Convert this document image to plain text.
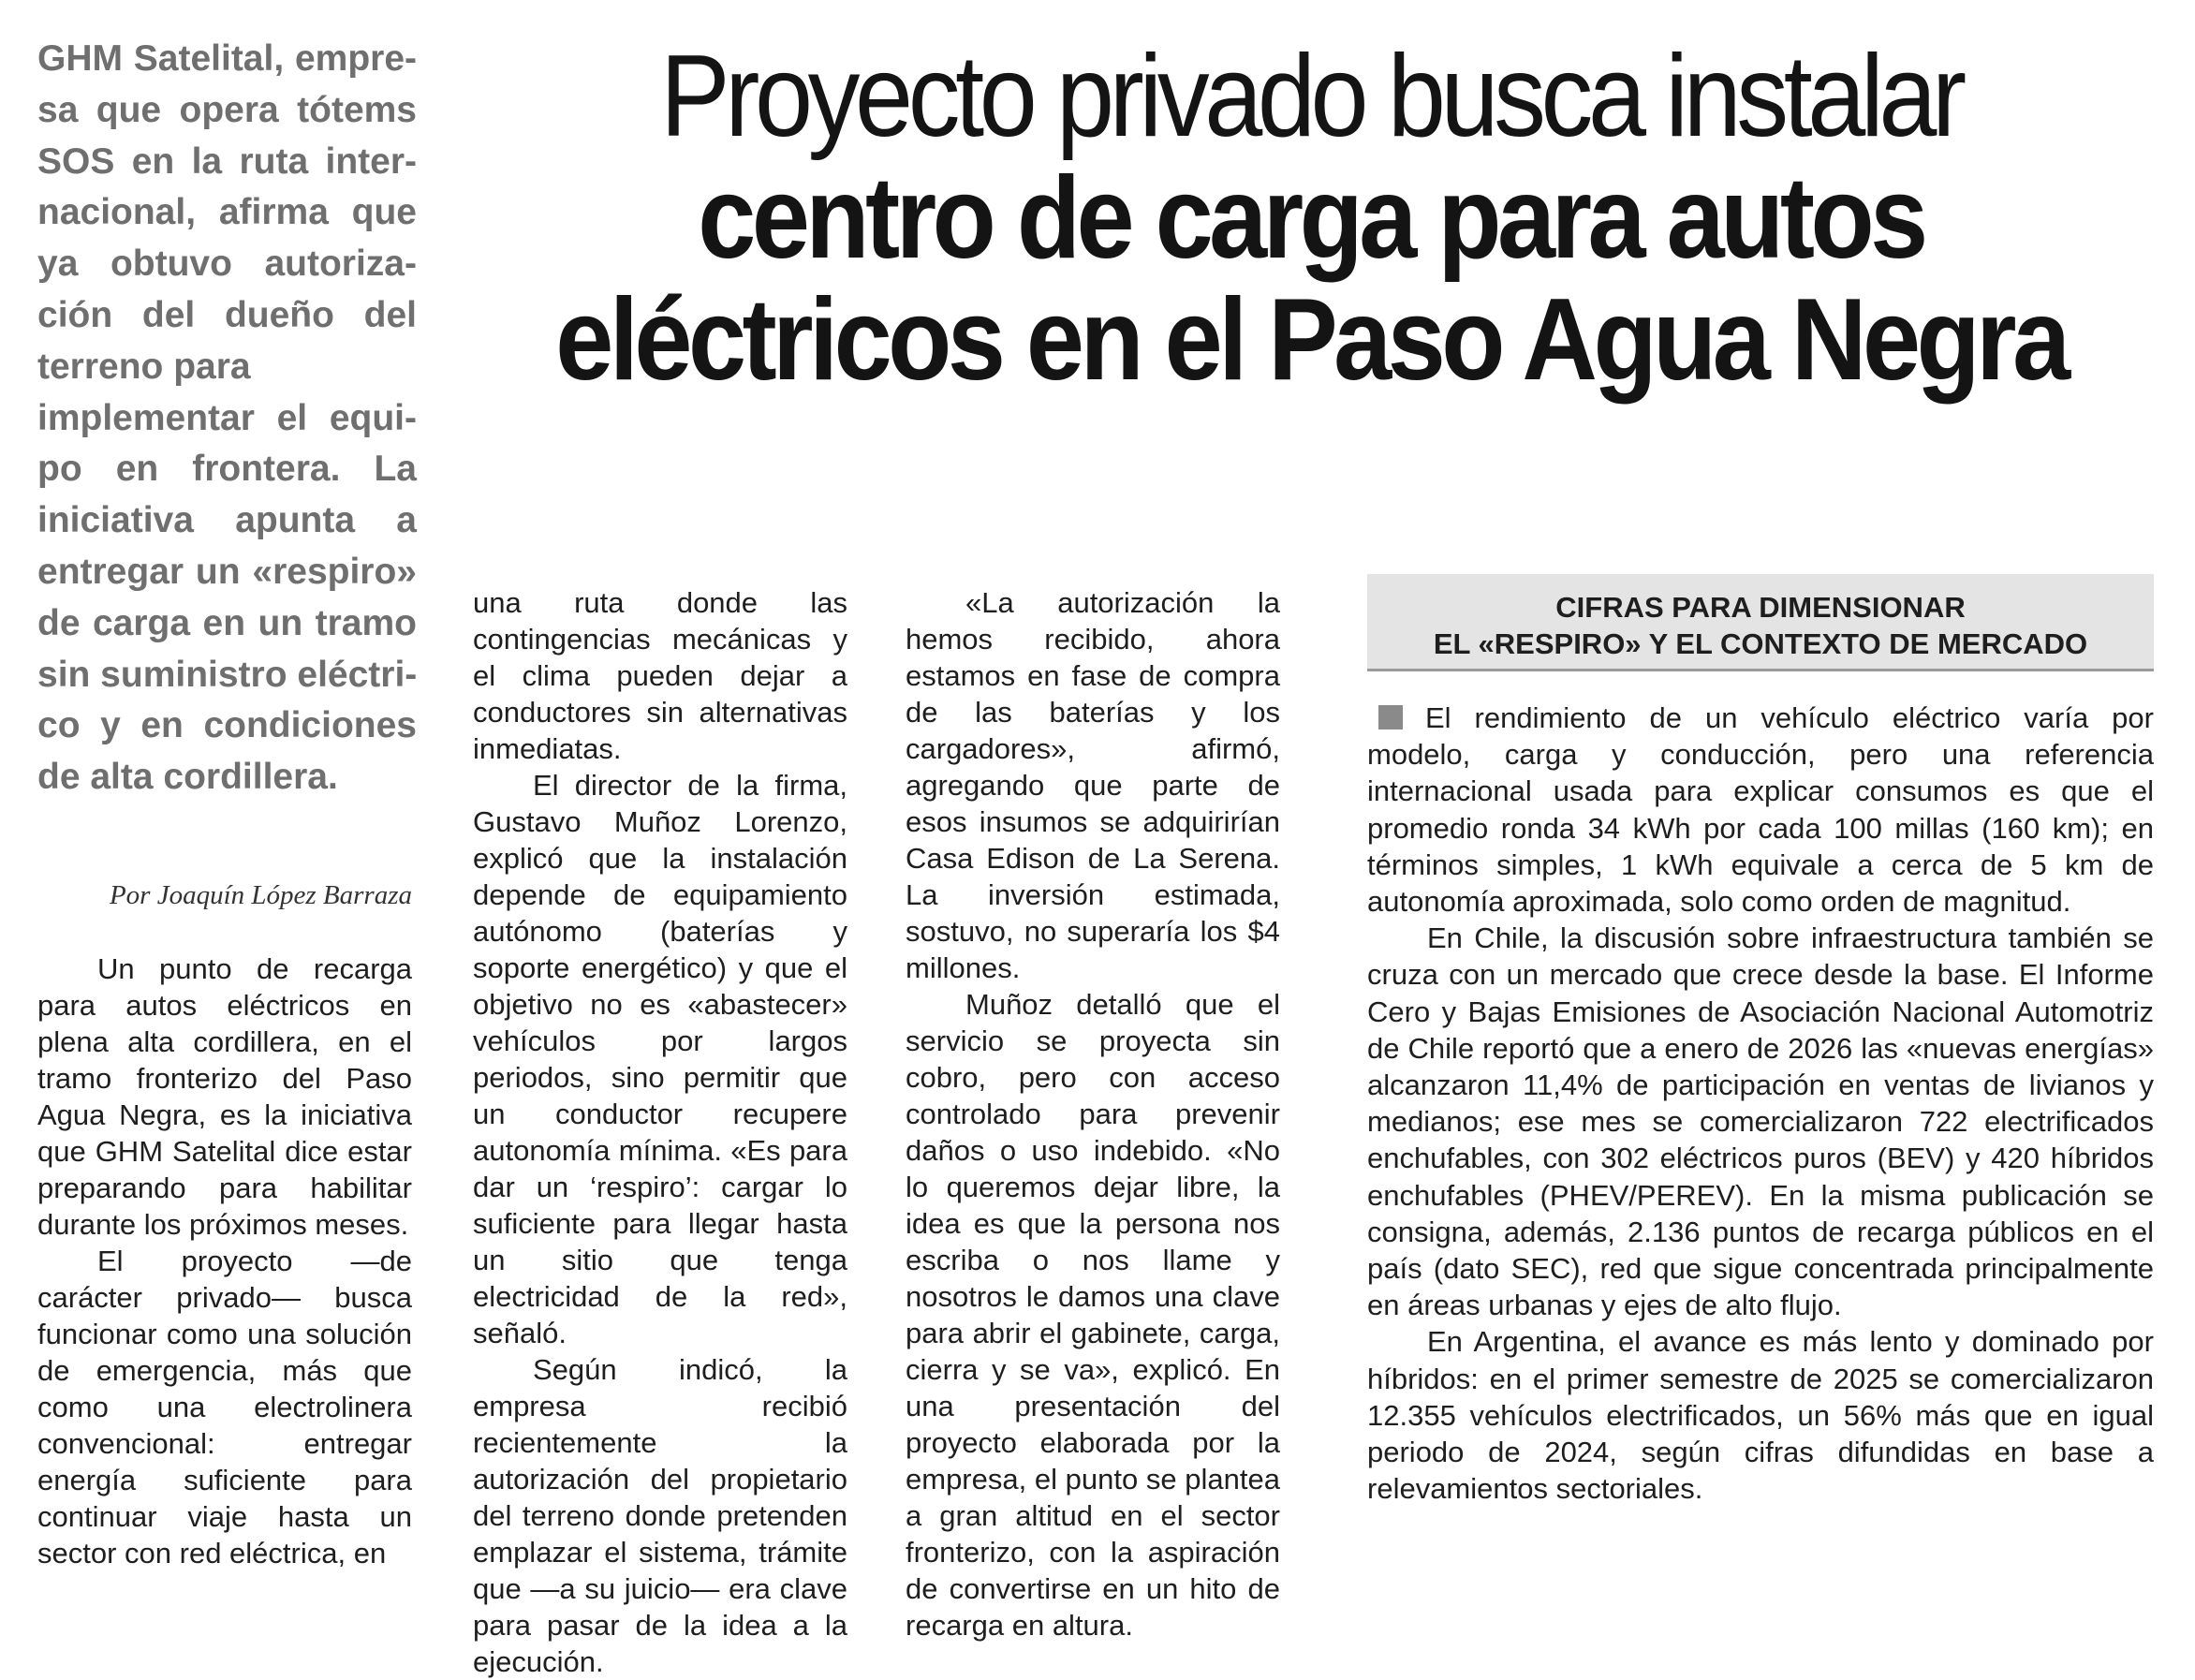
GHM Satelital, empre-
sa que opera tótems
SOS en la ruta inter-
nacional, afirma que
ya obtuvo autoriza-
ción del dueño del
terreno para
implementar el equi-
po en frontera. La
iniciativa apunta a
entregar un «respiro»
de carga en un tramo
sin suministro eléctri-
co y en condiciones
de alta cordillera.
Proyecto privado busca instalar
centro de carga para autos
eléctricos en el Paso Agua Negra
Por Joaquín López Barraza

Un punto de recarga para autos eléctricos en plena alta cordillera, en el tramo fronterizo del Paso Agua Negra, es la iniciativa que GHM Satelital dice estar preparando para habilitar durante los próximos meses.

El proyecto —de carácter privado— busca funcionar como una solución de emergencia, más que como una electrolinera convencional: entregar energía suficiente para continuar viaje hasta un sector con red eléctrica, en

una ruta donde las contingencias mecánicas y el clima pueden dejar a conductores sin alternativas inmediatas.

El director de la firma, Gustavo Muñoz Lorenzo, explicó que la instalación depende de equipamiento autónomo (baterías y soporte energético) y que el objetivo no es «abastecer» vehículos por largos periodos, sino permitir que un conductor recupere autonomía mínima. «Es para dar un ‘respiro’: cargar lo suficiente para llegar hasta un sitio que tenga electricidad de la red», señaló.

Según indicó, la empresa recibió recientemente la autorización del propietario del terreno donde pretenden emplazar el sistema, trámite que —a su juicio— era clave para pasar de la idea a la ejecución.

«La autorización la hemos recibido, ahora estamos en fase de compra de las baterías y los cargadores», afirmó, agregando que parte de esos insumos se adquirirían Casa Edison de La Serena. La inversión estimada, sostuvo, no superaría los $4 millones.

Muñoz detalló que el servicio se proyecta sin cobro, pero con acceso controlado para prevenir daños o uso indebido. «No lo queremos dejar libre, la idea es que la persona nos escriba o nos llame y nosotros le damos una clave para abrir el gabinete, carga, cierra y se va», explicó. En una presentación del proyecto elaborada por la empresa, el punto se plantea a gran altitud en el sector fronterizo, con la aspiración de convertirse en un hito de recarga en altura.

CIFRAS PARA DIMENSIONAR
EL «RESPIRO» Y EL CONTEXTO DE MERCADO

El rendimiento de un vehículo eléctrico varía por modelo, carga y conducción, pero una referencia internacional usada para explicar consumos es que el promedio ronda 34 kWh por cada 100 millas (160 km); en términos simples, 1 kWh equivale a cerca de 5 km de autonomía aproximada, solo como orden de magnitud.

En Chile, la discusión sobre infraestructura también se cruza con un mercado que crece desde la base. El Informe Cero y Bajas Emisiones de Asociación Nacional Automotriz de Chile reportó que a enero de 2026 las «nuevas energías» alcanzaron 11,4% de participación en ventas de livianos y medianos; ese mes se comercializaron 722 electrificados enchufables, con 302 eléctricos puros (BEV) y 420 híbridos enchufables (PHEV/PEREV). En la misma publicación se consigna, además, 2.136 puntos de recarga públicos en el país (dato SEC), red que sigue concentrada principalmente en áreas urbanas y ejes de alto flujo.

En Argentina, el avance es más lento y dominado por híbridos: en el primer semestre de 2025 se comercializaron 12.355 vehículos electrificados, un 56% más que en igual periodo de 2024, según cifras difundidas en base a relevamientos sectoriales.
